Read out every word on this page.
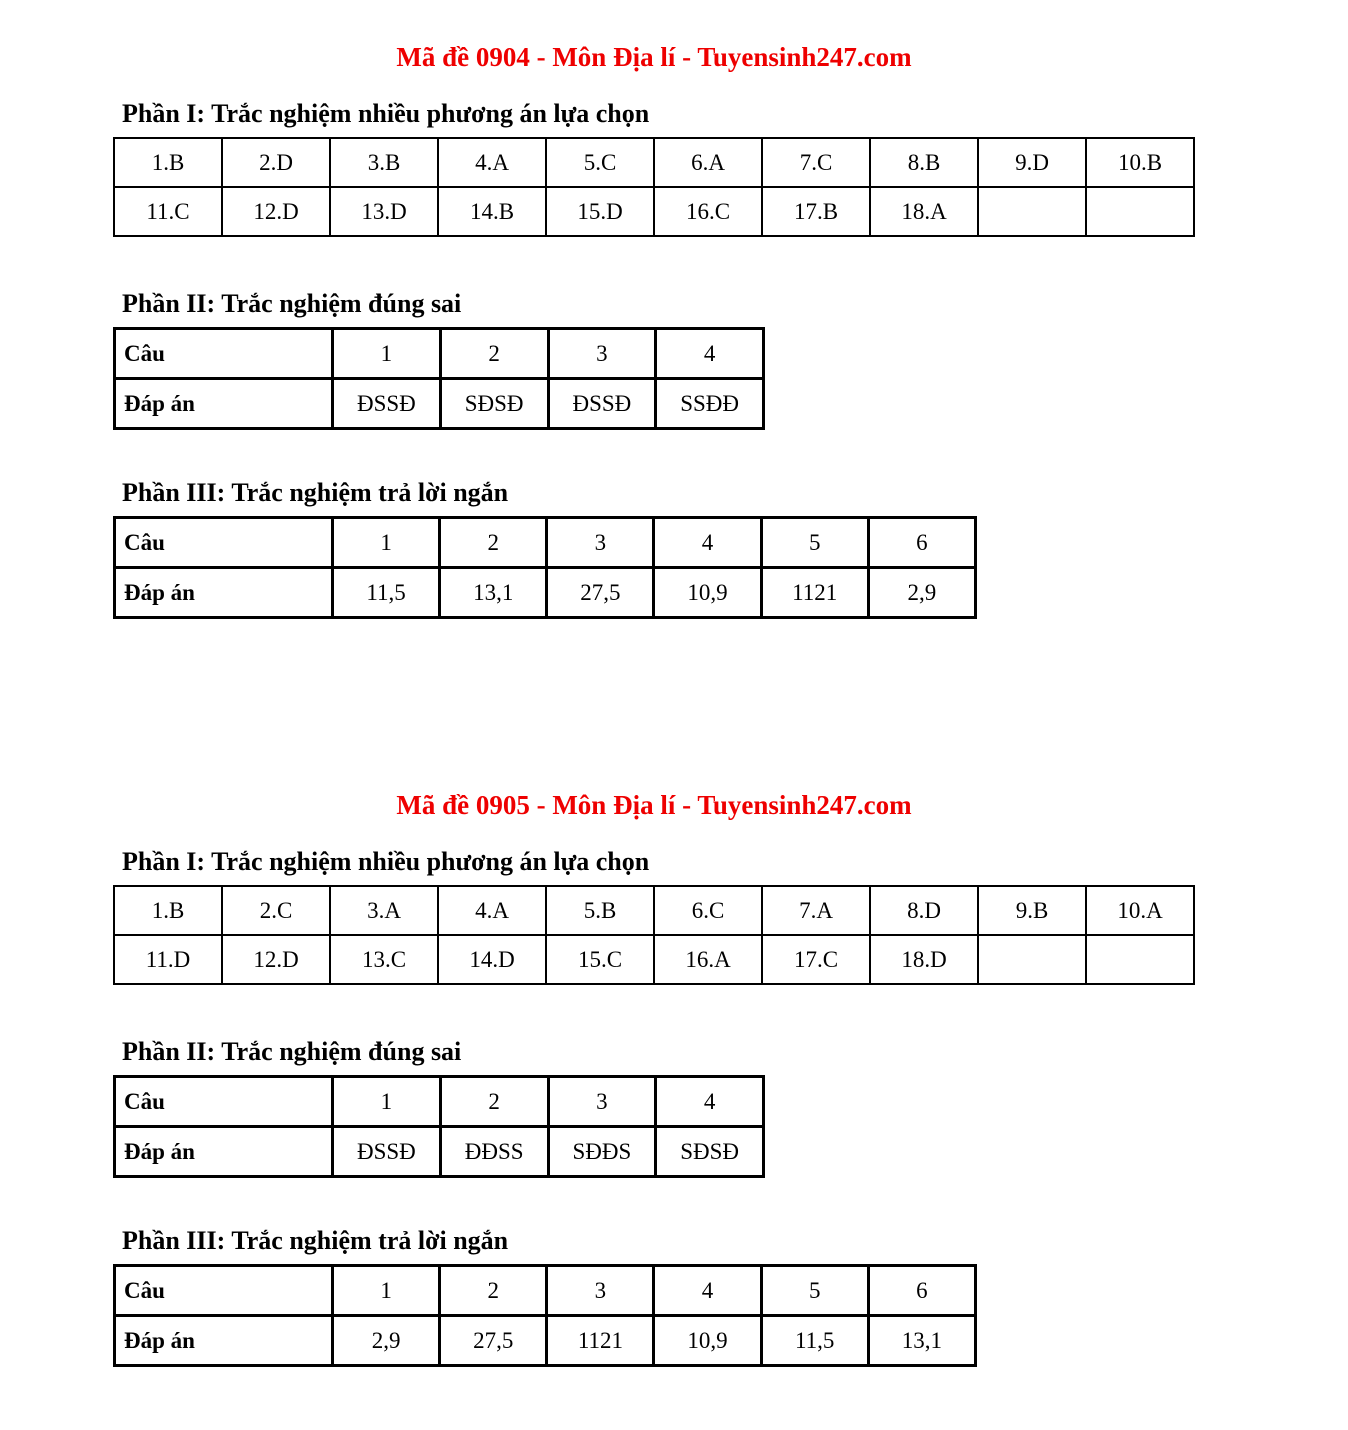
Mã đề 0904 - Môn Địa lí - Tuyensinh247.com
Phần I: Trắc nghiệm nhiều phương án lựa chọn
1.B	2.D	3.B	4.A	5.C	6.A	7.C	8.B	9.D	10.B
11.C	12.D	13.D	14.B	15.D	16.C	17.B	18.A		
Phần II: Trắc nghiệm đúng sai
Câu	1	2	3	4
Đáp án	ĐSSĐ	SĐSĐ	ĐSSĐ	SSĐĐ
Phần III: Trắc nghiệm trả lời ngắn
Câu	1	2	3	4	5	6
Đáp án	11,5	13,1	27,5	10,9	1121	2,9
Mã đề 0905 - Môn Địa lí - Tuyensinh247.com
Phần I: Trắc nghiệm nhiều phương án lựa chọn
1.B	2.C	3.A	4.A	5.B	6.C	7.A	8.D	9.B	10.A
11.D	12.D	13.C	14.D	15.C	16.A	17.C	18.D		
Phần II: Trắc nghiệm đúng sai
Câu	1	2	3	4
Đáp án	ĐSSĐ	ĐĐSS	SĐĐS	SĐSĐ
Phần III: Trắc nghiệm trả lời ngắn
Câu	1	2	3	4	5	6
Đáp án	2,9	27,5	1121	10,9	11,5	13,1
